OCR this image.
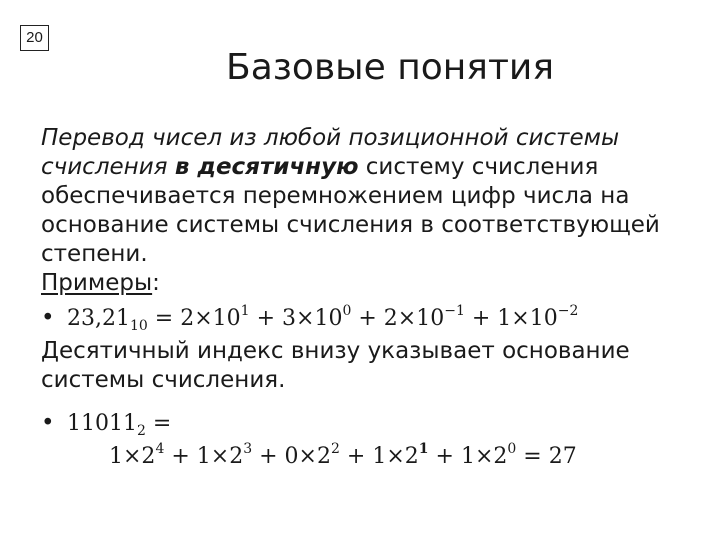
20
Базовые понятия

Перевод чисел из любой позиционной системы
счисления в десятичную систему счисления
обеспечивается перемножением цифр числа на
основание системы счисления в соответствующей
степени.

Примеры:

• $23,21_{10} = 2\times 10^1 + 3\times 10^0 + 2\times 10^{-1} + 1\times 10^{-2}$

Десятичный индекс внизу указывает основание
системы счисления.

• $11011_2$ =

$1\times 2^4 + 1\times 2^3 + 0\times 2^2 + 1\times 2^1 + 1\times 2^0 = 27$
